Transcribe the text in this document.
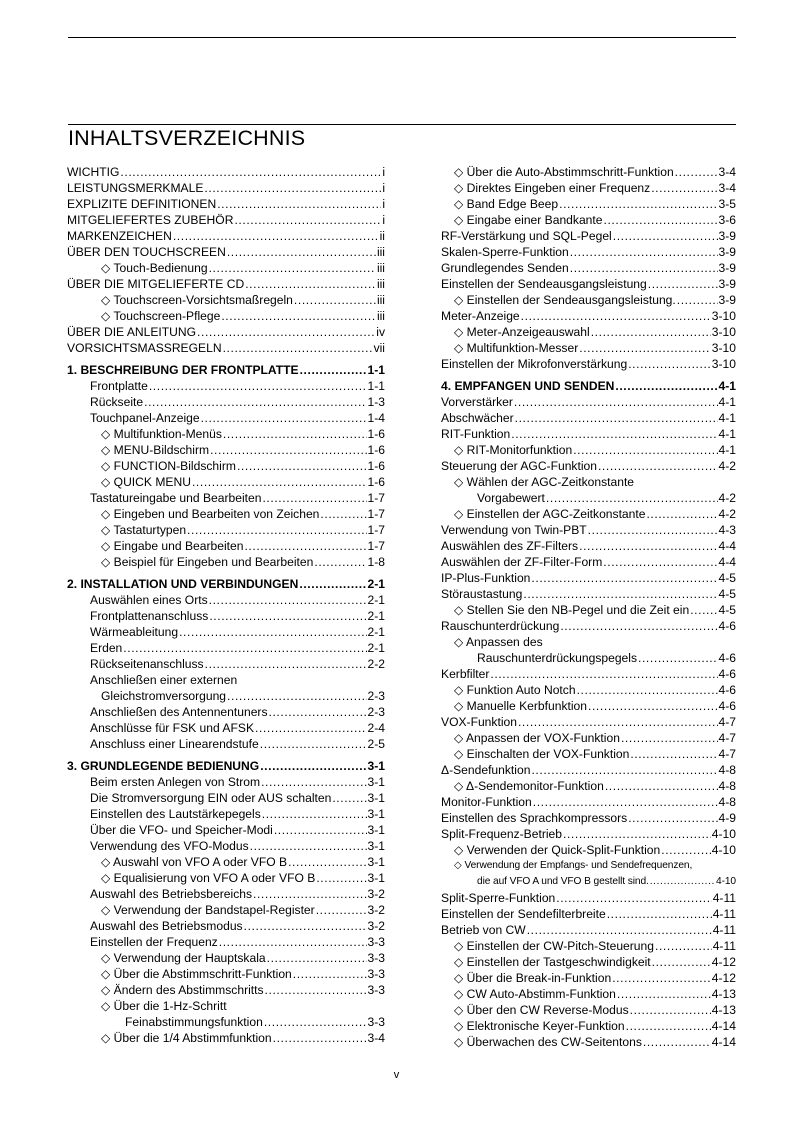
INHALTSVERZEICHNIS
WICHTIG .....	i
LEISTUNGSMERKMALE .....	i
EXPLIZITE DEFINITIONEN .....	i
MITGELIEFERTES ZUBEHÖR .....	i
MARKENZEICHEN .....	ii
ÜBER DEN TOUCHSCREEN .....	iii
◇ Touch-Bedienung .....	iii
ÜBER DIE MITGELIEFERTE CD .....	iii
◇ Touchscreen-Vorsichtsmaßregeln .....	iii
◇ Touchscreen-Pflege .....	iii
ÜBER DIE ANLEITUNG .....	iv
VORSICHTSMASSREGELN .....	vii
1. BESCHREIBUNG DER FRONTPLATTE .....	1-1
Frontplatte .....	1-1
Rückseite .....	1-3
Touchpanel-Anzeige .....	1-4
◇ Multifunktion-Menüs .....	1-6
◇ MENU-Bildschirm .....	1-6
◇ FUNCTION-Bildschirm .....	1-6
◇ QUICK MENU .....	1-6
Tastatureingabe und Bearbeiten .....	1-7
◇ Eingeben und Bearbeiten von Zeichen .....	1-7
◇ Tastaturtypen .....	1-7
◇ Eingabe und Bearbeiten .....	1-7
◇ Beispiel für Eingeben und Bearbeiten .....	1-8
2. INSTALLATION UND VERBINDUNGEN .....	2-1
Auswählen eines Orts .....	2-1
Frontplattenanschluss .....	2-1
Wärmeableitung .....	2-1
Erden .....	2-1
Rückseitenanschluss .....	2-2
Anschließen einer externen
Gleichstromversorgung .....	2-3
Anschließen des Antennentuners .....	2-3
Anschlüsse für FSK und AFSK .....	2-4
Anschluss einer Linearendstufe .....	2-5
3. GRUNDLEGENDE BEDIENUNG .....	3-1
Beim ersten Anlegen von Strom .....	3-1
Die Stromversorgung EIN oder AUS schalten .....	3-1
Einstellen des Lautstärkepegels .....	3-1
Über die VFO- und Speicher-Modi .....	3-1
Verwendung des VFO-Modus .....	3-1
◇ Auswahl von VFO A oder VFO B .....	3-1
◇ Equalisierung von VFO A oder VFO B .....	3-1
Auswahl des Betriebsbereichs .....	3-2
◇ Verwendung der Bandstapel-Register .....	3-2
Auswahl des Betriebsmodus .....	3-2
Einstellen der Frequenz .....	3-3
◇ Verwendung der Hauptskala .....	3-3
◇ Über die Abstimmschritt-Funktion .....	3-3
◇ Ändern des Abstimmschritts .....	3-3
◇ Über die 1-Hz-Schritt
Feinabstimmungsfunktion .....	3-3
◇ Über die 1/4 Abstimmfunktion .....	3-4
◇ Über die Auto-Abstimmschritt-Funktion .....	3-4
◇ Direktes Eingeben einer Frequenz .....	3-4
◇ Band Edge Beep .....	3-5
◇ Eingabe einer Bandkante .....	3-6
RF-Verstärkung und SQL-Pegel .....	3-9
Skalen-Sperre-Funktion .....	3-9
Grundlegendes Senden .....	3-9
Einstellen der Sendeausgangsleistung .....	3-9
◇ Einstellen der Sendeausgangsleistung. .....	3-9
Meter-Anzeige .....	3-10
◇ Meter-Anzeigeauswahl .....	3-10
◇ Multifunktion-Messer .....	3-10
Einstellen der Mikrofonverstärkung .....	3-10
4. EMPFANGEN UND SENDEN .....	4-1
Vorverstärker .....	4-1
Abschwächer .....	4-1
RIT-Funktion .....	4-1
◇ RIT-Monitorfunktion .....	4-1
Steuerung der AGC-Funktion .....	4-2
◇ Wählen der AGC-Zeitkonstante
Vorgabewert .....	4-2
◇ Einstellen der AGC-Zeitkonstante .....	4-2
Verwendung von Twin-PBT .....	4-3
Auswählen des ZF-Filters .....	4-4
Auswählen der ZF-Filter-Form .....	4-4
IP-Plus-Funktion .....	4-5
Störaustastung .....	4-5
◇ Stellen Sie den NB-Pegel und die Zeit ein ..... 4-5
Rauschunterdrückung .....	4-6
◇ Anpassen des
Rauschunterdrückungspegels .....	4-6
Kerbfilter .....	4-6
◇ Funktion Auto Notch .....	4-6
◇ Manuelle Kerbfunktion .....	4-6
VOX-Funktion .....	4-7
◇ Anpassen der VOX-Funktion .....	4-7
◇ Einschalten der VOX-Funktion .....	4-7
Δ-Sendefunktion .....	4-8
◇ Δ-Sendemonitor-Funktion .....	4-8
Monitor-Funktion .....	4-8
Einstellen des Sprachkompressors .....	4-9
Split-Frequenz-Betrieb .....	4-10
◇ Verwenden der Quick-Split-Funktion .....	4-10
◇ Verwendung der Empfangs- und Sendefrequenzen,
die auf VFO A und VFO B gestellt sind. .....	4-10
Split-Sperre-Funktion .....	4-11
Einstellen der Sendefilterbreite .....	4-11
Betrieb von CW .....	4-11
◇ Einstellen der CW-Pitch-Steuerung .....	4-11
◇ Einstellen der Tastgeschwindigkeit .....	4-12
◇ Über die Break-in-Funktion .....	4-12
◇ CW Auto-Abstimm-Funktion .....	4-13
◇ Über den CW Reverse-Modus .....	4-13
◇ Elektronische Keyer-Funktion .....	4-14
◇ Überwachen des CW-Seitentons .....	4-14
v
